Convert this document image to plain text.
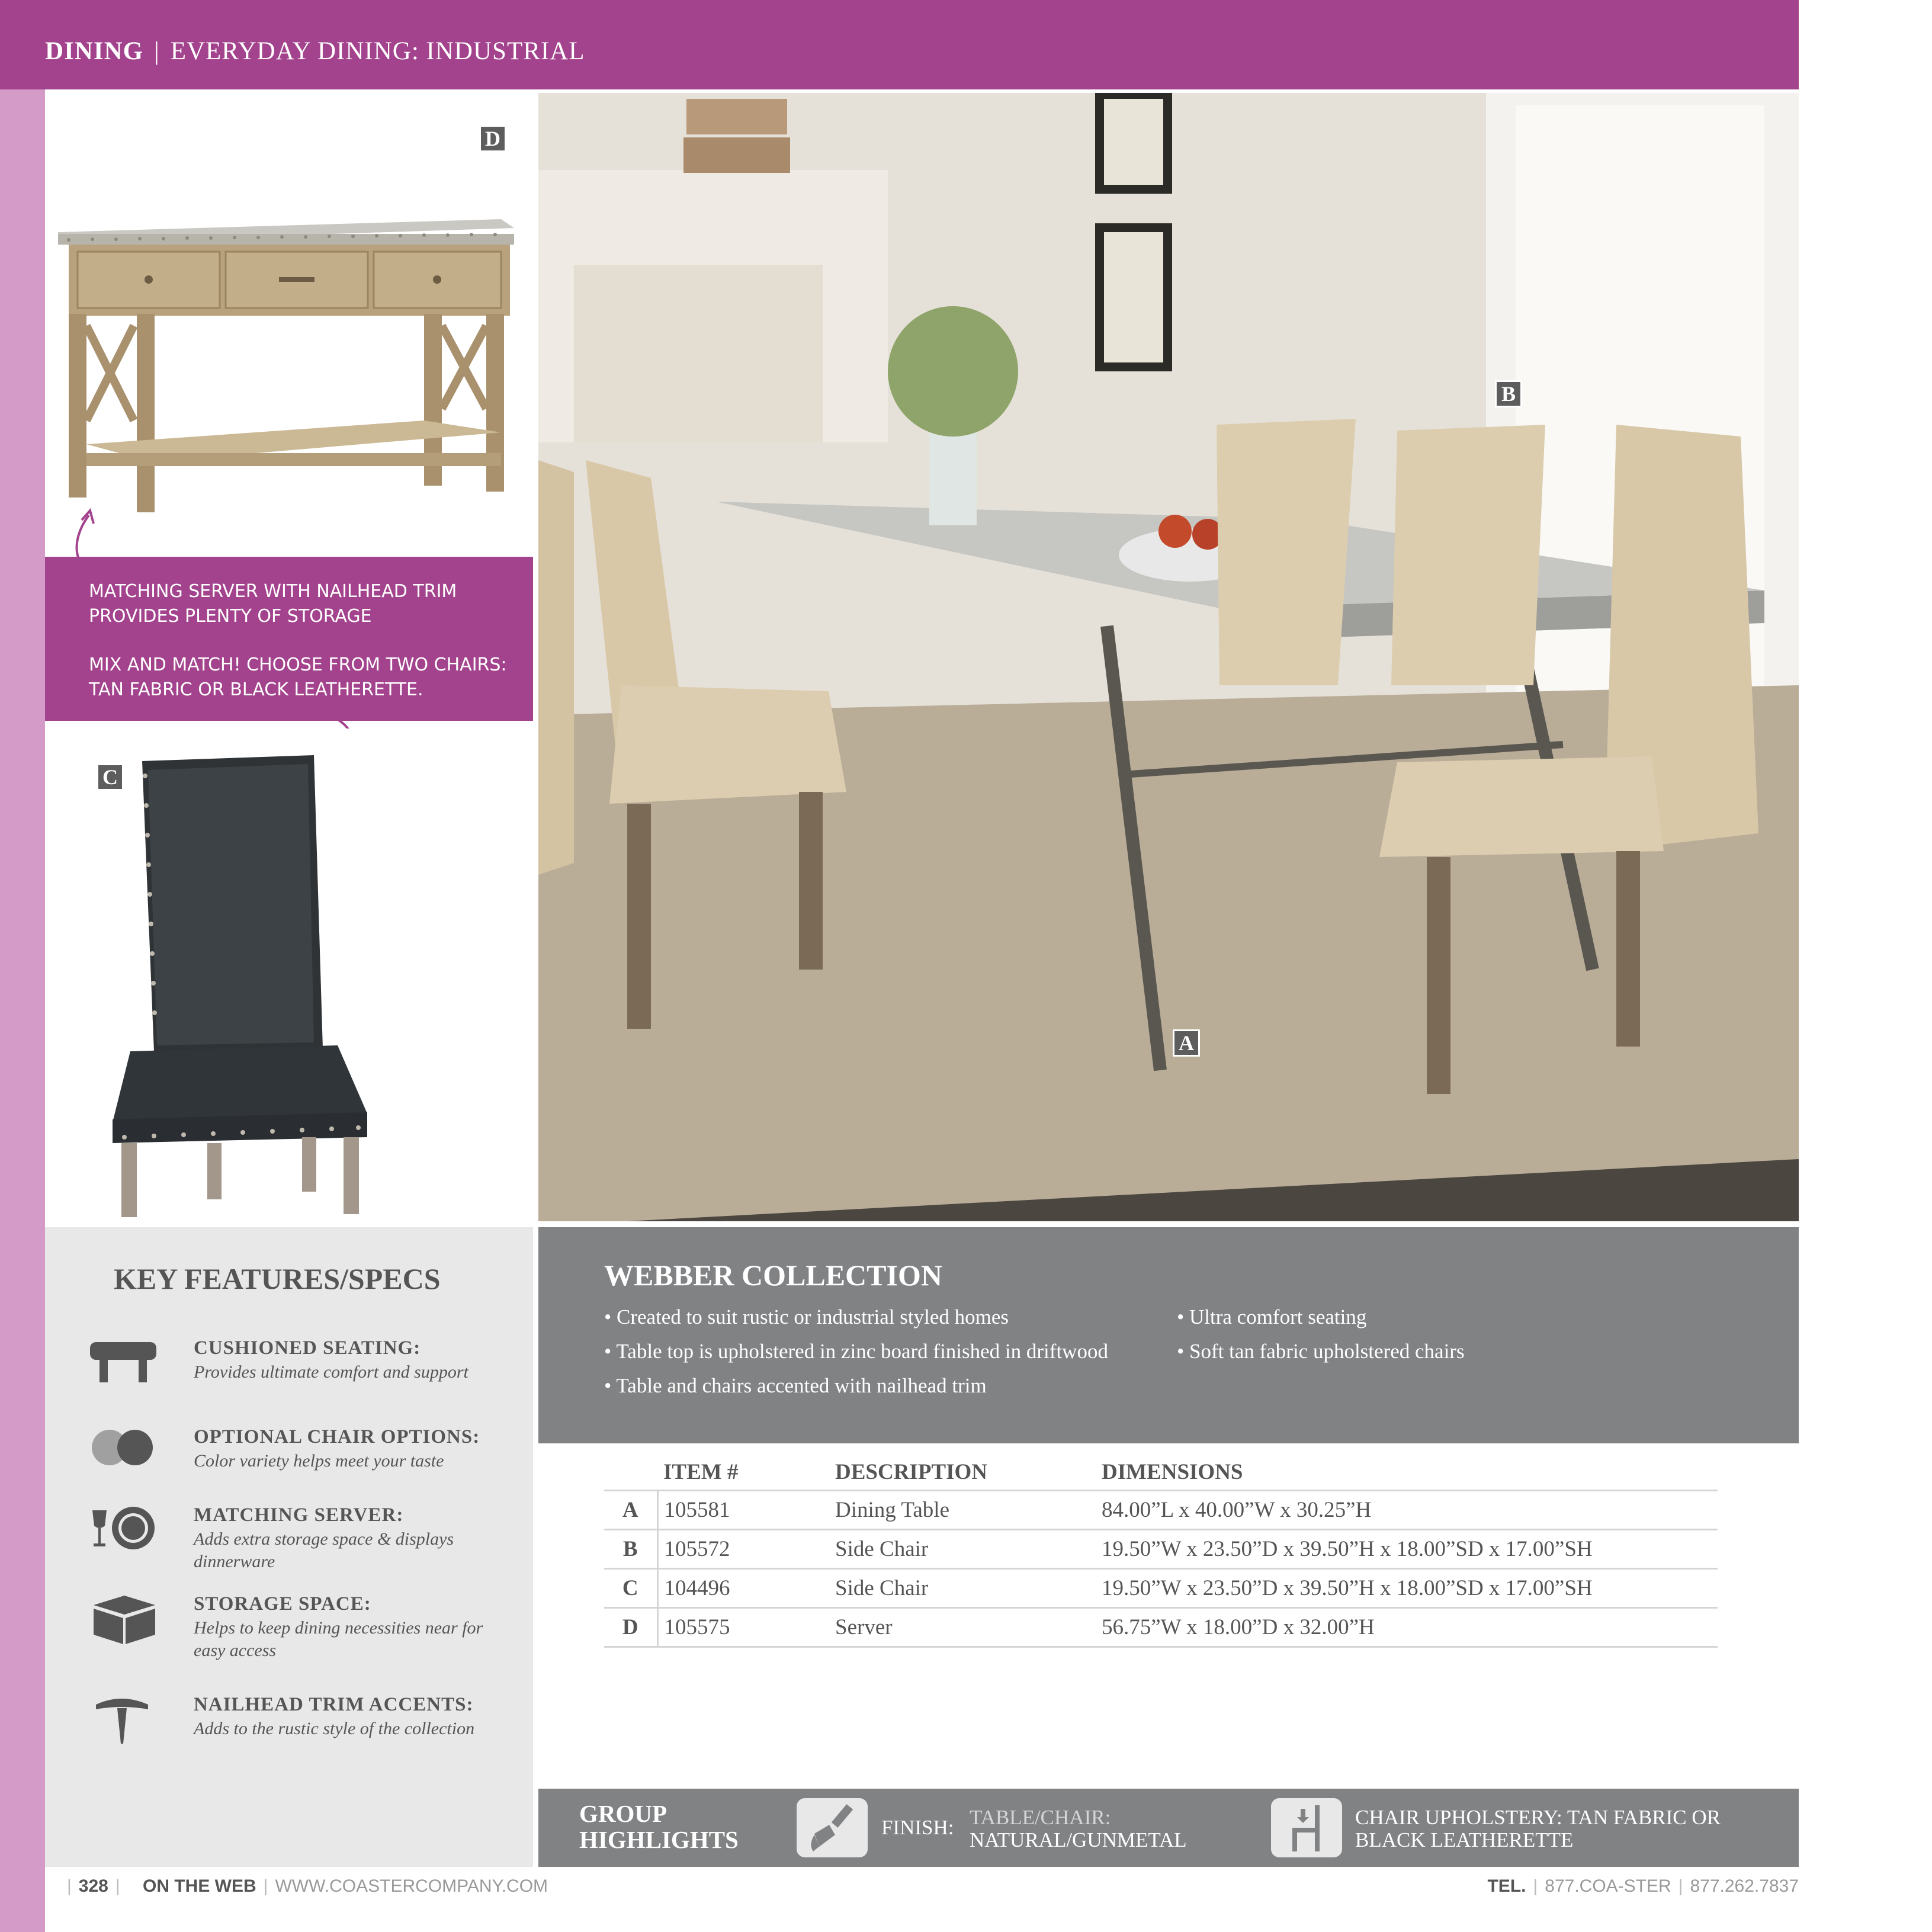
DINING | EVERYDAY DINING: INDUSTRIAL
D

MATCHING SERVER WITH NAILHEAD TRIM

PROVIDES PLENTY OF STORAGE

MIX AND MATCH! CHOOSE FROM TWO CHAIRS:

TAN FABRIC OR BLACK LEATHERETTE.

C
B
A
KEY FEATURES/SPECS
CUSHIONED SEATING:
Provides ultimate comfort and support
OPTIONAL CHAIR OPTIONS:
Color variety helps meet your taste
MATCHING SERVER:
Adds extra storage space & displays dinnerware
STORAGE SPACE:
Helps to keep dining necessities near for easy access
NAILHEAD TRIM ACCENTS:
Adds to the rustic style of the collection
WEBBER COLLECTION
• Created to suit rustic or industrial styled homes
• Table top is upholstered in zinc board finished in driftwood
• Table and chairs accented with nailhead trim
• Ultra comfort seating
• Soft tan fabric upholstered chairs
	ITEM #	DESCRIPTION	DIMENSIONS
A	105581	Dining Table	84.00”L x 40.00”W x 30.25”H
B	105572	Side Chair	19.50”W x 23.50”D x 39.50”H x 18.00”SD x 17.00”SH
C	104496	Side Chair	19.50”W x 23.50”D x 39.50”H x 18.00”SD x 17.00”SH
D	105575	Server	56.75”W x 18.00”D x 32.00”H
GROUP
HIGHLIGHTS	FINISH: TABLE/CHAIR:
NATURAL/GUNMETAL
CHAIR UPHOLSTERY: TAN FABRIC OR
BLACK LEATHERETTE
| 328 | ON THE WEB | WWW.COASTERCOMPANY.COM	TEL. | 877.COA-STER | 877.262.7837
